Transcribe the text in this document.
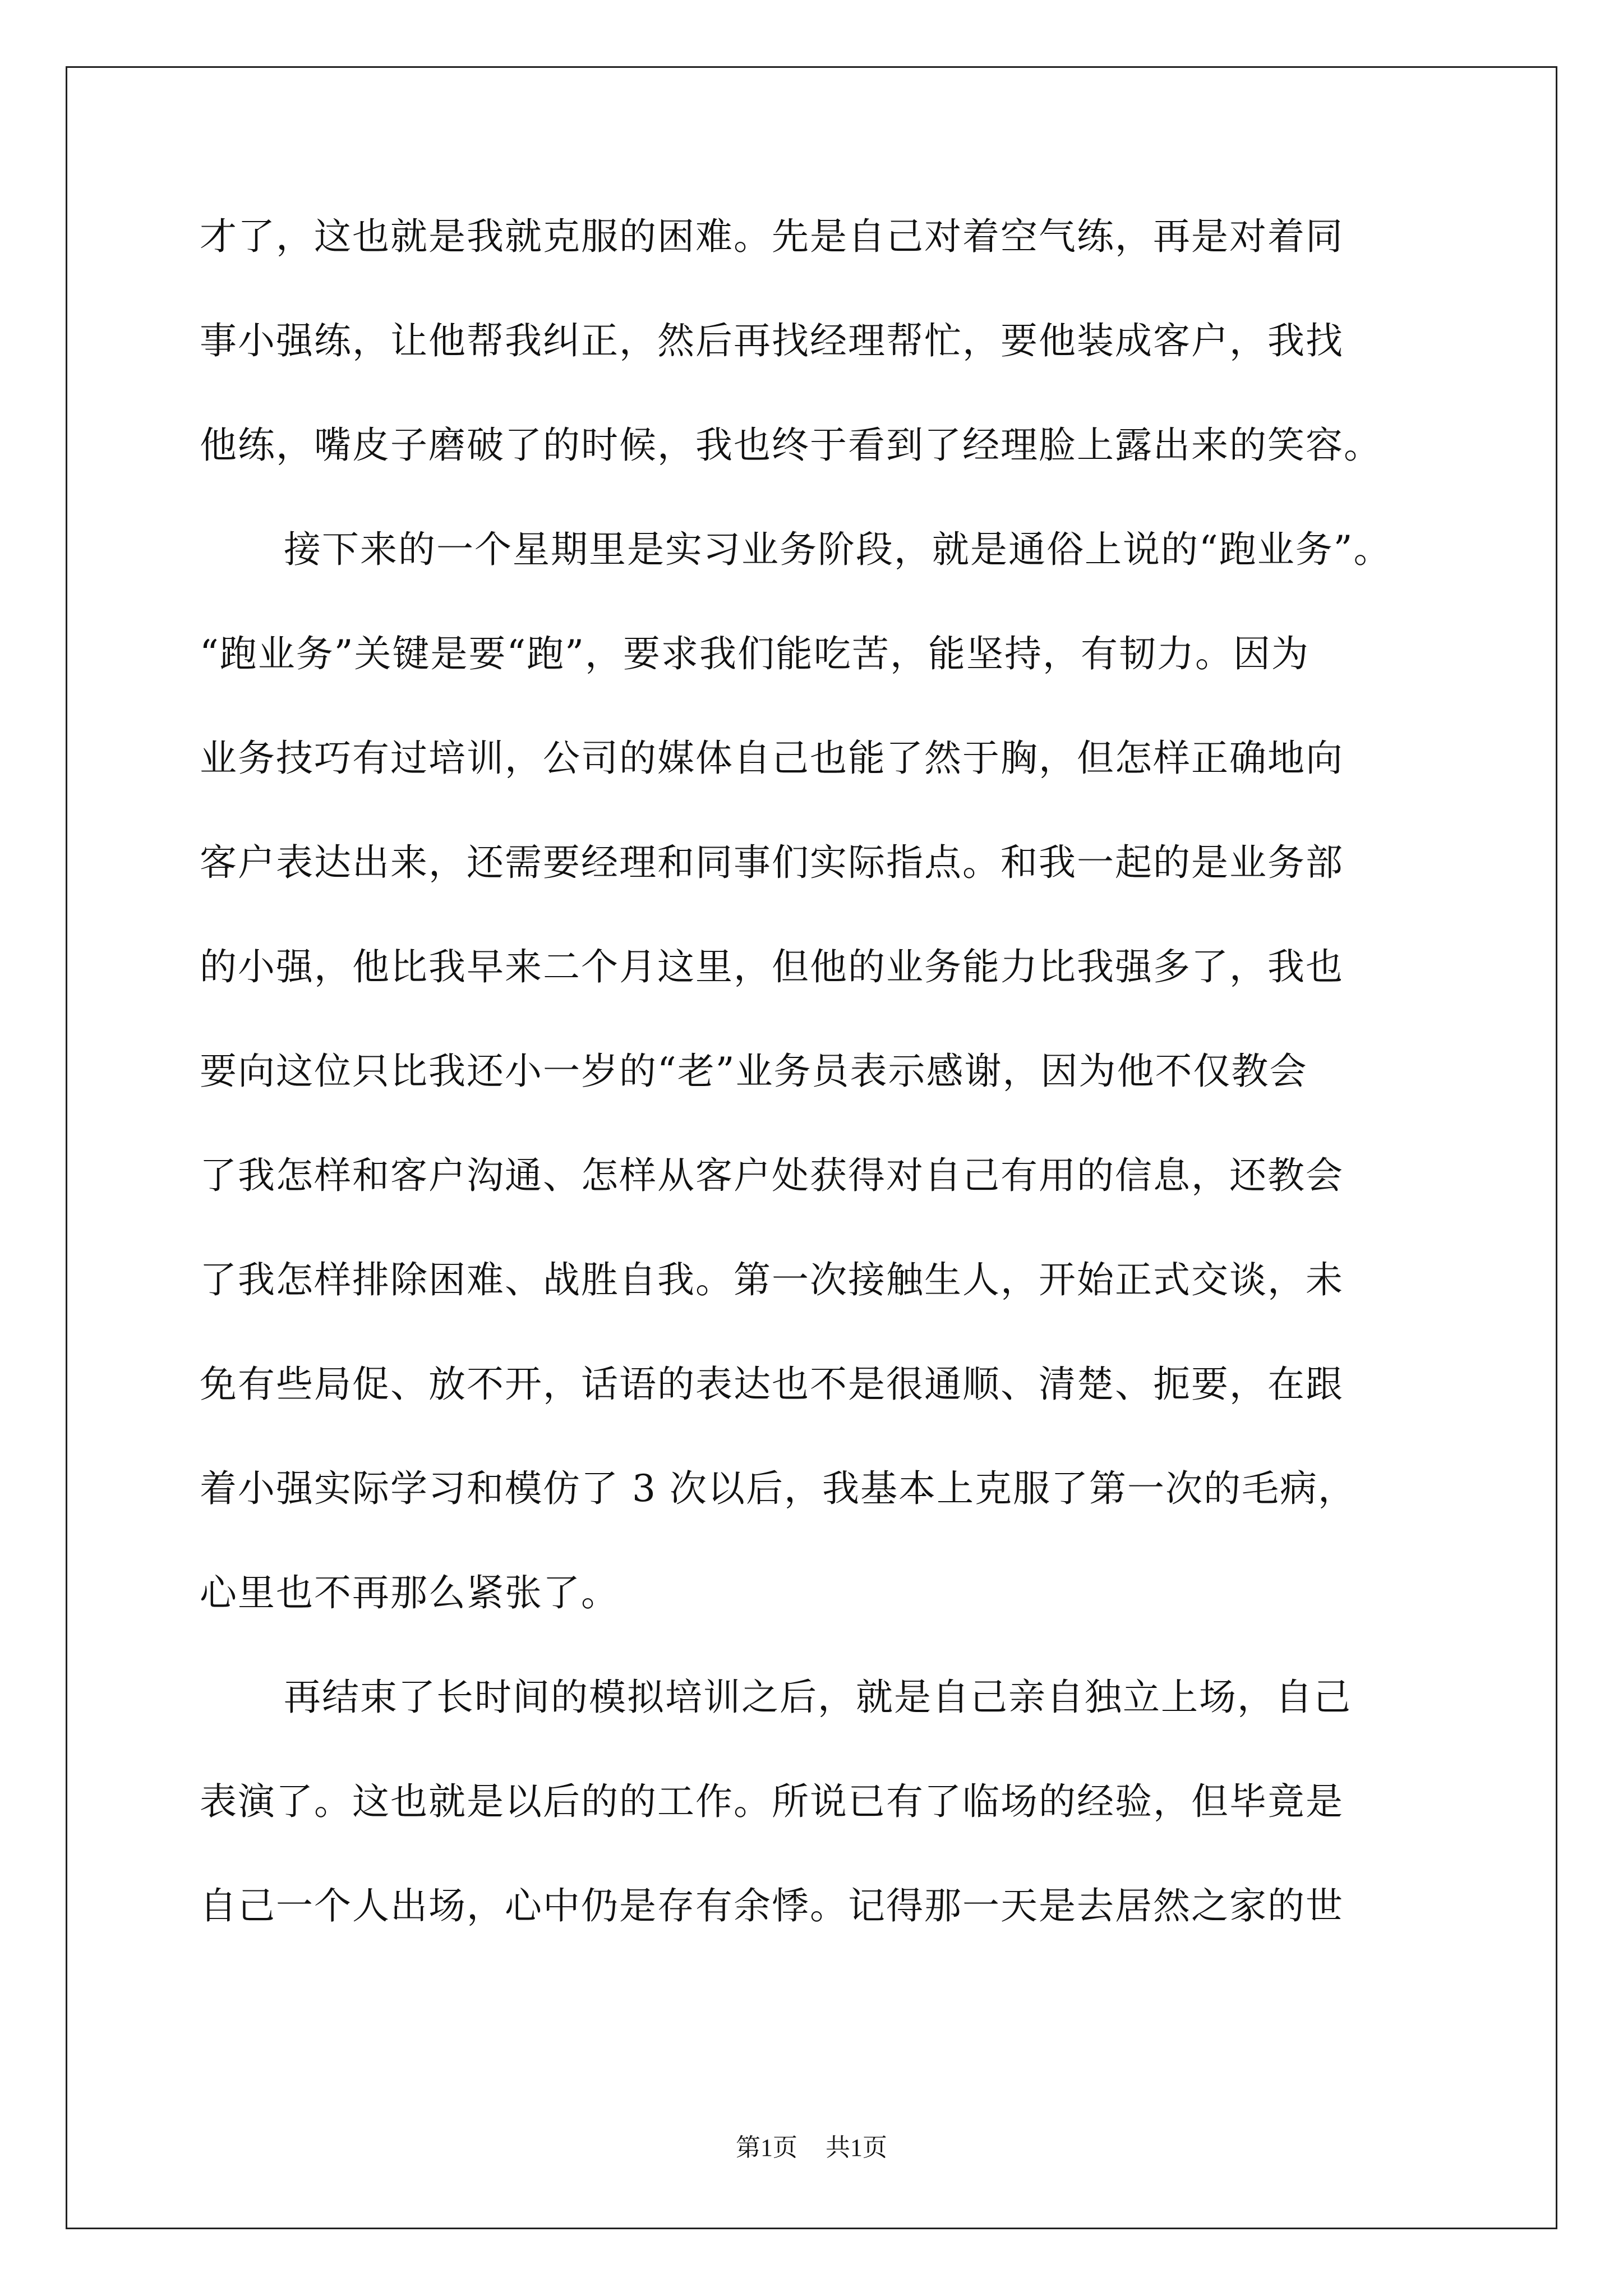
才了，这也就是我就克服的困难。先是自己对着空气练，再是对着同
事小强练，让他帮我纠正，然后再找经理帮忙，要他装成客户，我找
他练，嘴皮子磨破了的时候，我也终于看到了经理脸上露出来的笑容。
接下来的一个星期里是实习业务阶段，就是通俗上说的“跑业务”。
“跑业务”关键是要“跑”，要求我们能吃苦，能坚持，有韧力。因为
业务技巧有过培训，公司的媒体自己也能了然于胸，但怎样正确地向
客户表达出来，还需要经理和同事们实际指点。和我一起的是业务部
的小强，他比我早来二个月这里，但他的业务能力比我强多了，我也
要向这位只比我还小一岁的“老”业务员表示感谢，因为他不仅教会
了我怎样和客户沟通、怎样从客户处获得对自己有用的信息，还教会
了我怎样排除困难、战胜自我。第一次接触生人，开始正式交谈，未
免有些局促、放不开，话语的表达也不是很通顺、清楚、扼要，在跟
着小强实际学习和模仿了 3 次以后，我基本上克服了第一次的毛病，
心里也不再那么紧张了。
再结束了长时间的模拟培训之后，就是自己亲自独立上场，自己
表演了。这也就是以后的的工作。所说已有了临场的经验，但毕竟是
自己一个人出场，心中仍是存有余悸。记得那一天是去居然之家的世
第1页 共1页
